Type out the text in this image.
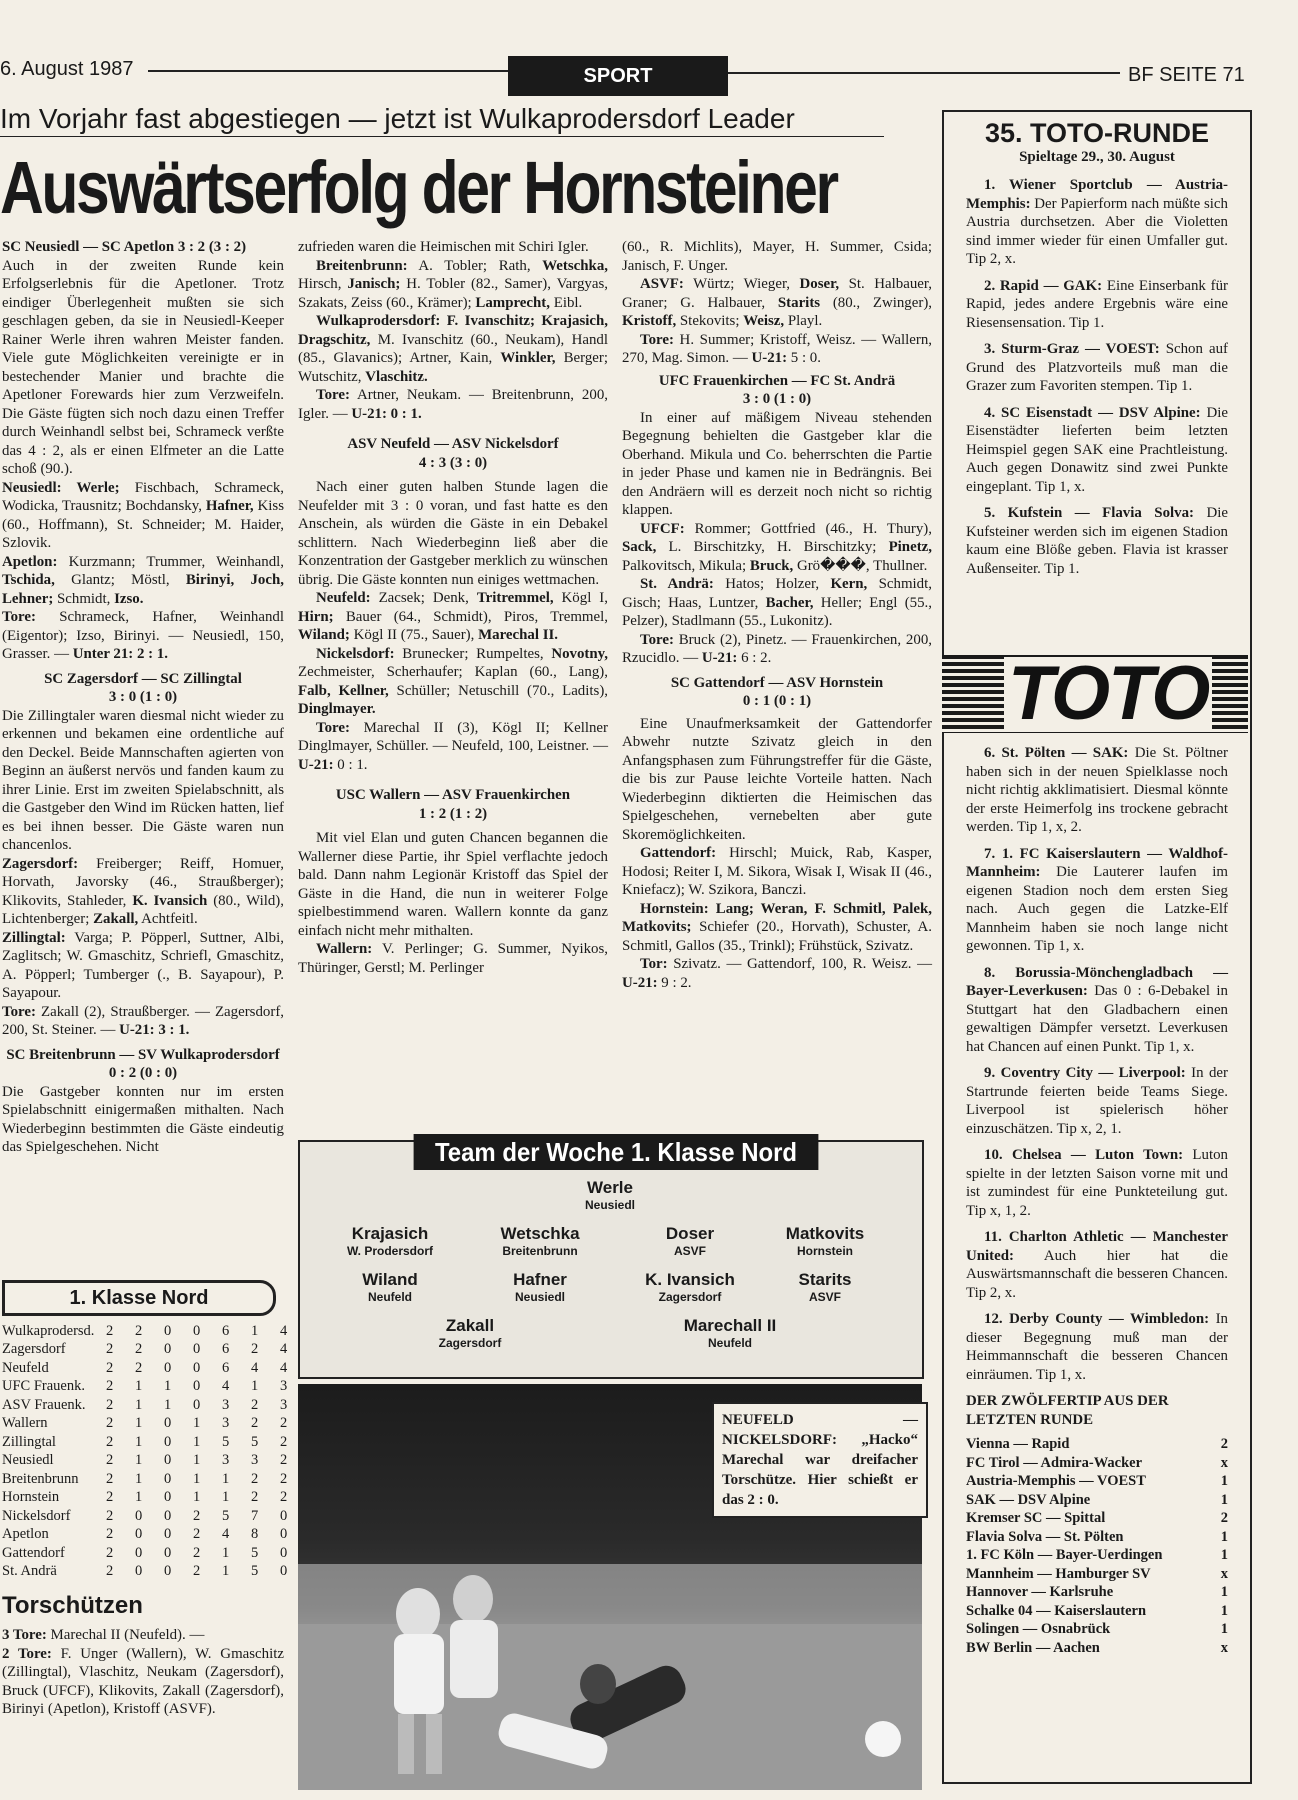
6. August 1987	SPORT	BF SEITE 71
Im Vorjahr fast abgestiegen — jetzt ist Wulkaprodersdorf Leader
Auswärtserfolg der Hornsteiner

SC Neusiedl — SC Apetlon 3 : 2 (3 : 2)

Auch in der zweiten Runde kein Erfolgserlebnis für die Apetloner. Trotz eindiger Überlegenheit mußten sie sich geschlagen geben, da sie in Neusiedl-Keeper Rainer Werle ihren wahren Meister fanden. Viele gute Möglichkeiten vereinigte er in bestechender Manier und brachte die Apetloner Forewards hier zum Verzweifeln. Die Gäste fügten sich noch dazu einen Treffer durch Weinhandl selbst bei, Schrameck verßte das 4 : 2, als er einen Elfmeter an die Latte schoß (90.).

Neusiedl: Werle; Fischbach, Schrameck, Wodicka, Trausnitz; Bochdansky, Hafner, Kiss (60., Hoffmann), St. Schneider; M. Haider, Szlovik.

Apetlon: Kurzmann; Trummer, Weinhandl, Tschida, Glantz; Möstl, Birinyi, Joch, Lehner; Schmidt, Izso.

Tore: Schrameck, Hafner, Weinhandl (Eigentor); Izso, Birinyi. — Neusiedl, 150, Grasser. — Unter 21: 2 : 1.

SC Zagersdorf — SC Zillingtal

3 : 0 (1 : 0)

Die Zillingtaler waren diesmal nicht wieder zu erkennen und bekamen eine ordentliche auf den Deckel. Beide Mannschaften agierten von Beginn an äußerst nervös und fanden kaum zu ihrer Linie. Erst im zweiten Spielabschnitt, als die Gastgeber den Wind im Rücken hatten, lief es bei ihnen besser. Die Gäste waren nun chancenlos.

Zagersdorf: Freiberger; Reiff, Homuer, Horvath, Javorsky (46., Straußberger); Klikovits, Stahleder, K. Ivansich (80., Wild), Lichtenberger; Zakall, Achtfeitl.

Zillingtal: Varga; P. Pöpperl, Suttner, Albi, Zaglitsch; W. Gmaschitz, Schriefl, Gmaschitz, A. Pöpperl; Tumberger (., B. Sayapour), P. Sayapour.

Tore: Zakall (2), Straußberger. — Zagersdorf, 200, St. Steiner. — U-21: 3 : 1.

SC Breitenbrunn — SV Wulkaprodersdorf 0 : 2 (0 : 0)

Die Gastgeber konnten nur im ersten Spielabschnitt einigermaßen mithalten. Nach Wiederbeginn bestimmten die Gäste eindeutig das Spielgeschehen. Nicht

1. Klasse Nord
Wulkaprodersd.	2	2	0	0	6	1	4
Zagersdorf	2	2	0	0	6	2	4
Neufeld	2	2	0	0	6	4	4
UFC Frauenk.	2	1	1	0	4	1	3
ASV Frauenk.	2	1	1	0	3	2	3
Wallern	2	1	0	1	3	2	2
Zillingtal	2	1	0	1	5	5	2
Neusiedl	2	1	0	1	3	3	2
Breitenbrunn	2	1	0	1	1	2	2
Hornstein	2	1	0	1	1	2	2
Nickelsdorf	2	0	0	2	5	7	0
Apetlon	2	0	0	2	4	8	0
Gattendorf	2	0	0	2	1	5	0
St. Andrä	2	0	0	2	1	5	0
Torschützen

3 Tore: Marechal II (Neufeld). —

2 Tore: F. Unger (Wallern), W. Gmaschitz (Zillingtal), Vlaschitz, Neukam (Zagersdorf), Bruck (UFCF), Klikovits, Zakall (Zagersdorf), Birinyi (Apetlon), Kristoff (ASVF).

zufrieden waren die Heimischen mit Schiri Igler.

Breitenbrunn: A. Tobler; Rath, Wetschka, Hirsch, Janisch; H. Tobler (82., Samer), Vargyas, Szakats, Zeiss (60., Krämer); Lamprecht, Eibl.

Wulkaprodersdorf: F. Ivanschitz; Krajasich, Dragschitz, M. Ivanschitz (60., Neukam), Handl (85., Glavanics); Artner, Kain, Winkler, Berger; Wutschitz, Vlaschitz.

Tore: Artner, Neukam. — Breitenbrunn, 200, Igler. — U-21: 0 : 1.

ASV Neufeld — ASV Nickelsdorf

4 : 3 (3 : 0)

Nach einer guten halben Stunde lagen die Neufelder mit 3 : 0 voran, und fast hatte es den Anschein, als würden die Gäste in ein Debakel schlittern. Nach Wiederbeginn ließ aber die Konzentration der Gastgeber merklich zu wünschen übrig. Die Gäste konnten nun einiges wettmachen.

Neufeld: Zacsek; Denk, Tritremmel, Kögl I, Hirn; Bauer (64., Schmidt), Piros, Tremmel, Wiland; Kögl II (75., Sauer), Marechal II.

Nickelsdorf: Brunecker; Rumpeltes, Novotny, Zechmeister, Scherhaufer; Kaplan (60., Lang), Falb, Kellner, Schüller; Netuschill (70., Ladits), Dinglmayer.

Tore: Marechal II (3), Kögl II; Kellner Dinglmayer, Schüller. — Neufeld, 100, Leistner. — U-21: 0 : 1.

USC Wallern — ASV Frauenkirchen

1 : 2 (1 : 2)

Mit viel Elan und guten Chancen begannen die Wallerner diese Partie, ihr Spiel verflachte jedoch bald. Dann nahm Legionär Kristoff das Spiel der Gäste in die Hand, die nun in weiterer Folge spielbestimmend waren. Wallern konnte da ganz einfach nicht mehr mithalten.

Wallern: V. Perlinger; G. Summer, Nyikos, Thüringer, Gerstl; M. Perlinger

(60., R. Michlits), Mayer, H. Summer, Csida; Janisch, F. Unger.

ASVF: Würtz; Wieger, Doser, St. Halbauer, Graner; G. Halbauer, Starits (80., Zwinger), Kristoff, Stekovits; Weisz, Playl.

Tore: H. Summer; Kristoff, Weisz. — Wallern, 270, Mag. Simon. — U-21: 5 : 0.

UFC Frauenkirchen — FC St. Andrä

3 : 0 (1 : 0)

In einer auf mäßigem Niveau stehenden Begegnung behielten die Gastgeber klar die Oberhand. Mikula und Co. beherrschten die Partie in jeder Phase und kamen nie in Bedrängnis. Bei den Andräern will es derzeit noch nicht so richtig klappen.

UFCF: Rommer; Gottfried (46., H. Thury), Sack, L. Birschitzky, H. Birschitzky; Pinetz, Palkovitsch, Mikula; Bruck, Grö���, Thullner.

St. Andrä: Hatos; Holzer, Kern, Schmidt, Gisch; Haas, Luntzer, Bacher, Heller; Engl (55., Pelzer), Stadlmann (55., Lukonitz).

Tore: Bruck (2), Pinetz. — Frauenkirchen, 200, Rzucidlo. — U-21: 6 : 2.

SC Gattendorf — ASV Hornstein

0 : 1 (0 : 1)

Eine Unaufmerksamkeit der Gattendorfer Abwehr nutzte Szivatz gleich in den Anfangsphasen zum Führungstreffer für die Gäste, die bis zur Pause leichte Vorteile hatten. Nach Wiederbeginn diktierten die Heimischen das Spielgeschehen, vernebelten aber gute Skoremöglichkeiten.

Gattendorf: Hirschl; Muick, Rab, Kasper, Hodosi; Reiter I, M. Sikora, Wisak I, Wisak II (46., Kniefacz); W. Szikora, Banczi.

Hornstein: Lang; Weran, F. Schmitl, Palek, Matkovits; Schiefer (20., Horvath), Schuster, A. Schmitl, Gallos (35., Trinkl); Frühstück, Szivatz.

Tor: Szivatz. — Gattendorf, 100, R. Weisz. — U-21: 9 : 2.

Team der Woche 1. Klasse Nord
Werle
Neusiedl
Krajasich
W. Prodersdorf
Wetschka
Breitenbrunn
Doser
ASVF
Matkovits
Hornstein
Wiland
Neufeld
Hafner
Neusiedl
K. Ivansich
Zagersdorf
Starits
ASVF
Zakall
Zagersdorf
Marechall II
Neufeld
NEUFELD — NICKELSDORF: „Hacko“ Marechal war dreifacher Torschütze. Hier schießt er das 2 : 0.
35. TOTO-RUNDE
Spieltage 29., 30. August

1. Wiener Sportclub — Austria-Memphis: Der Papierform nach müßte sich Austria durchsetzen. Aber die Violetten sind immer wieder für einen Umfaller gut. Tip 2, x.

2. Rapid — GAK: Eine Einserbank für Rapid, jedes andere Ergebnis wäre eine Riesensensation. Tip 1.

3. Sturm-Graz — VOEST: Schon auf Grund des Platzvorteils muß man die Grazer zum Favoriten stempen. Tip 1.

4. SC Eisenstadt — DSV Alpine: Die Eisenstädter lieferten beim letzten Heimspiel gegen SAK eine Prachtleistung. Auch gegen Donawitz sind zwei Punkte eingeplant. Tip 1, x.

5. Kufstein — Flavia Solva: Die Kufsteiner werden sich im eigenen Stadion kaum eine Blöße geben. Flavia ist krasser Außenseiter. Tip 1.

6. St. Pölten — SAK: Die St. Pöltner haben sich in der neuen Spielklasse noch nicht richtig akklimatisiert. Diesmal könnte der erste Heimerfolg ins trockene gebracht werden. Tip 1, x, 2.

7. 1. FC Kaiserslautern — Waldhof-Mannheim: Die Lauterer laufen im eigenen Stadion noch dem ersten Sieg nach. Auch gegen die Latzke-Elf Mannheim haben sie noch lange nicht gewonnen. Tip 1, x.

8. Borussia-Mönchengladbach — Bayer-Leverkusen: Das 0 : 6-Debakel in Stuttgart hat den Gladbachern einen gewaltigen Dämpfer versetzt. Leverkusen hat Chancen auf einen Punkt. Tip 1, x.

9. Coventry City — Liverpool: In der Startrunde feierten beide Teams Siege. Liverpool ist spielerisch höher einzuschätzen. Tip x, 2, 1.

10. Chelsea — Luton Town: Luton spielte in der letzten Saison vorne mit und ist zumindest für eine Punkteteilung gut. Tip x, 1, 2.

11. Charlton Athletic — Manchester United: Auch hier hat die Auswärtsmannschaft die besseren Chancen. Tip 2, x.

12. Derby County — Wimbledon: In dieser Begegnung muß man der Heimmannschaft die besseren Chancen einräumen. Tip 1, x.

DER ZWÖLFERTIP AUS DER LETZTEN RUNDE

Vienna — Rapid	2
FC Tirol — Admira-Wacker	x
Austria-Memphis — VOEST	1
SAK — DSV Alpine	1
Kremser SC — Spittal	2
Flavia Solva — St. Pölten	1
1. FC Köln — Bayer-Uerdingen	1
Mannheim — Hamburger SV	x
Hannover — Karlsruhe	1
Schalke 04 — Kaiserslautern	1
Solingen — Osnabrück	1
BW Berlin — Aachen	x
TOTO
